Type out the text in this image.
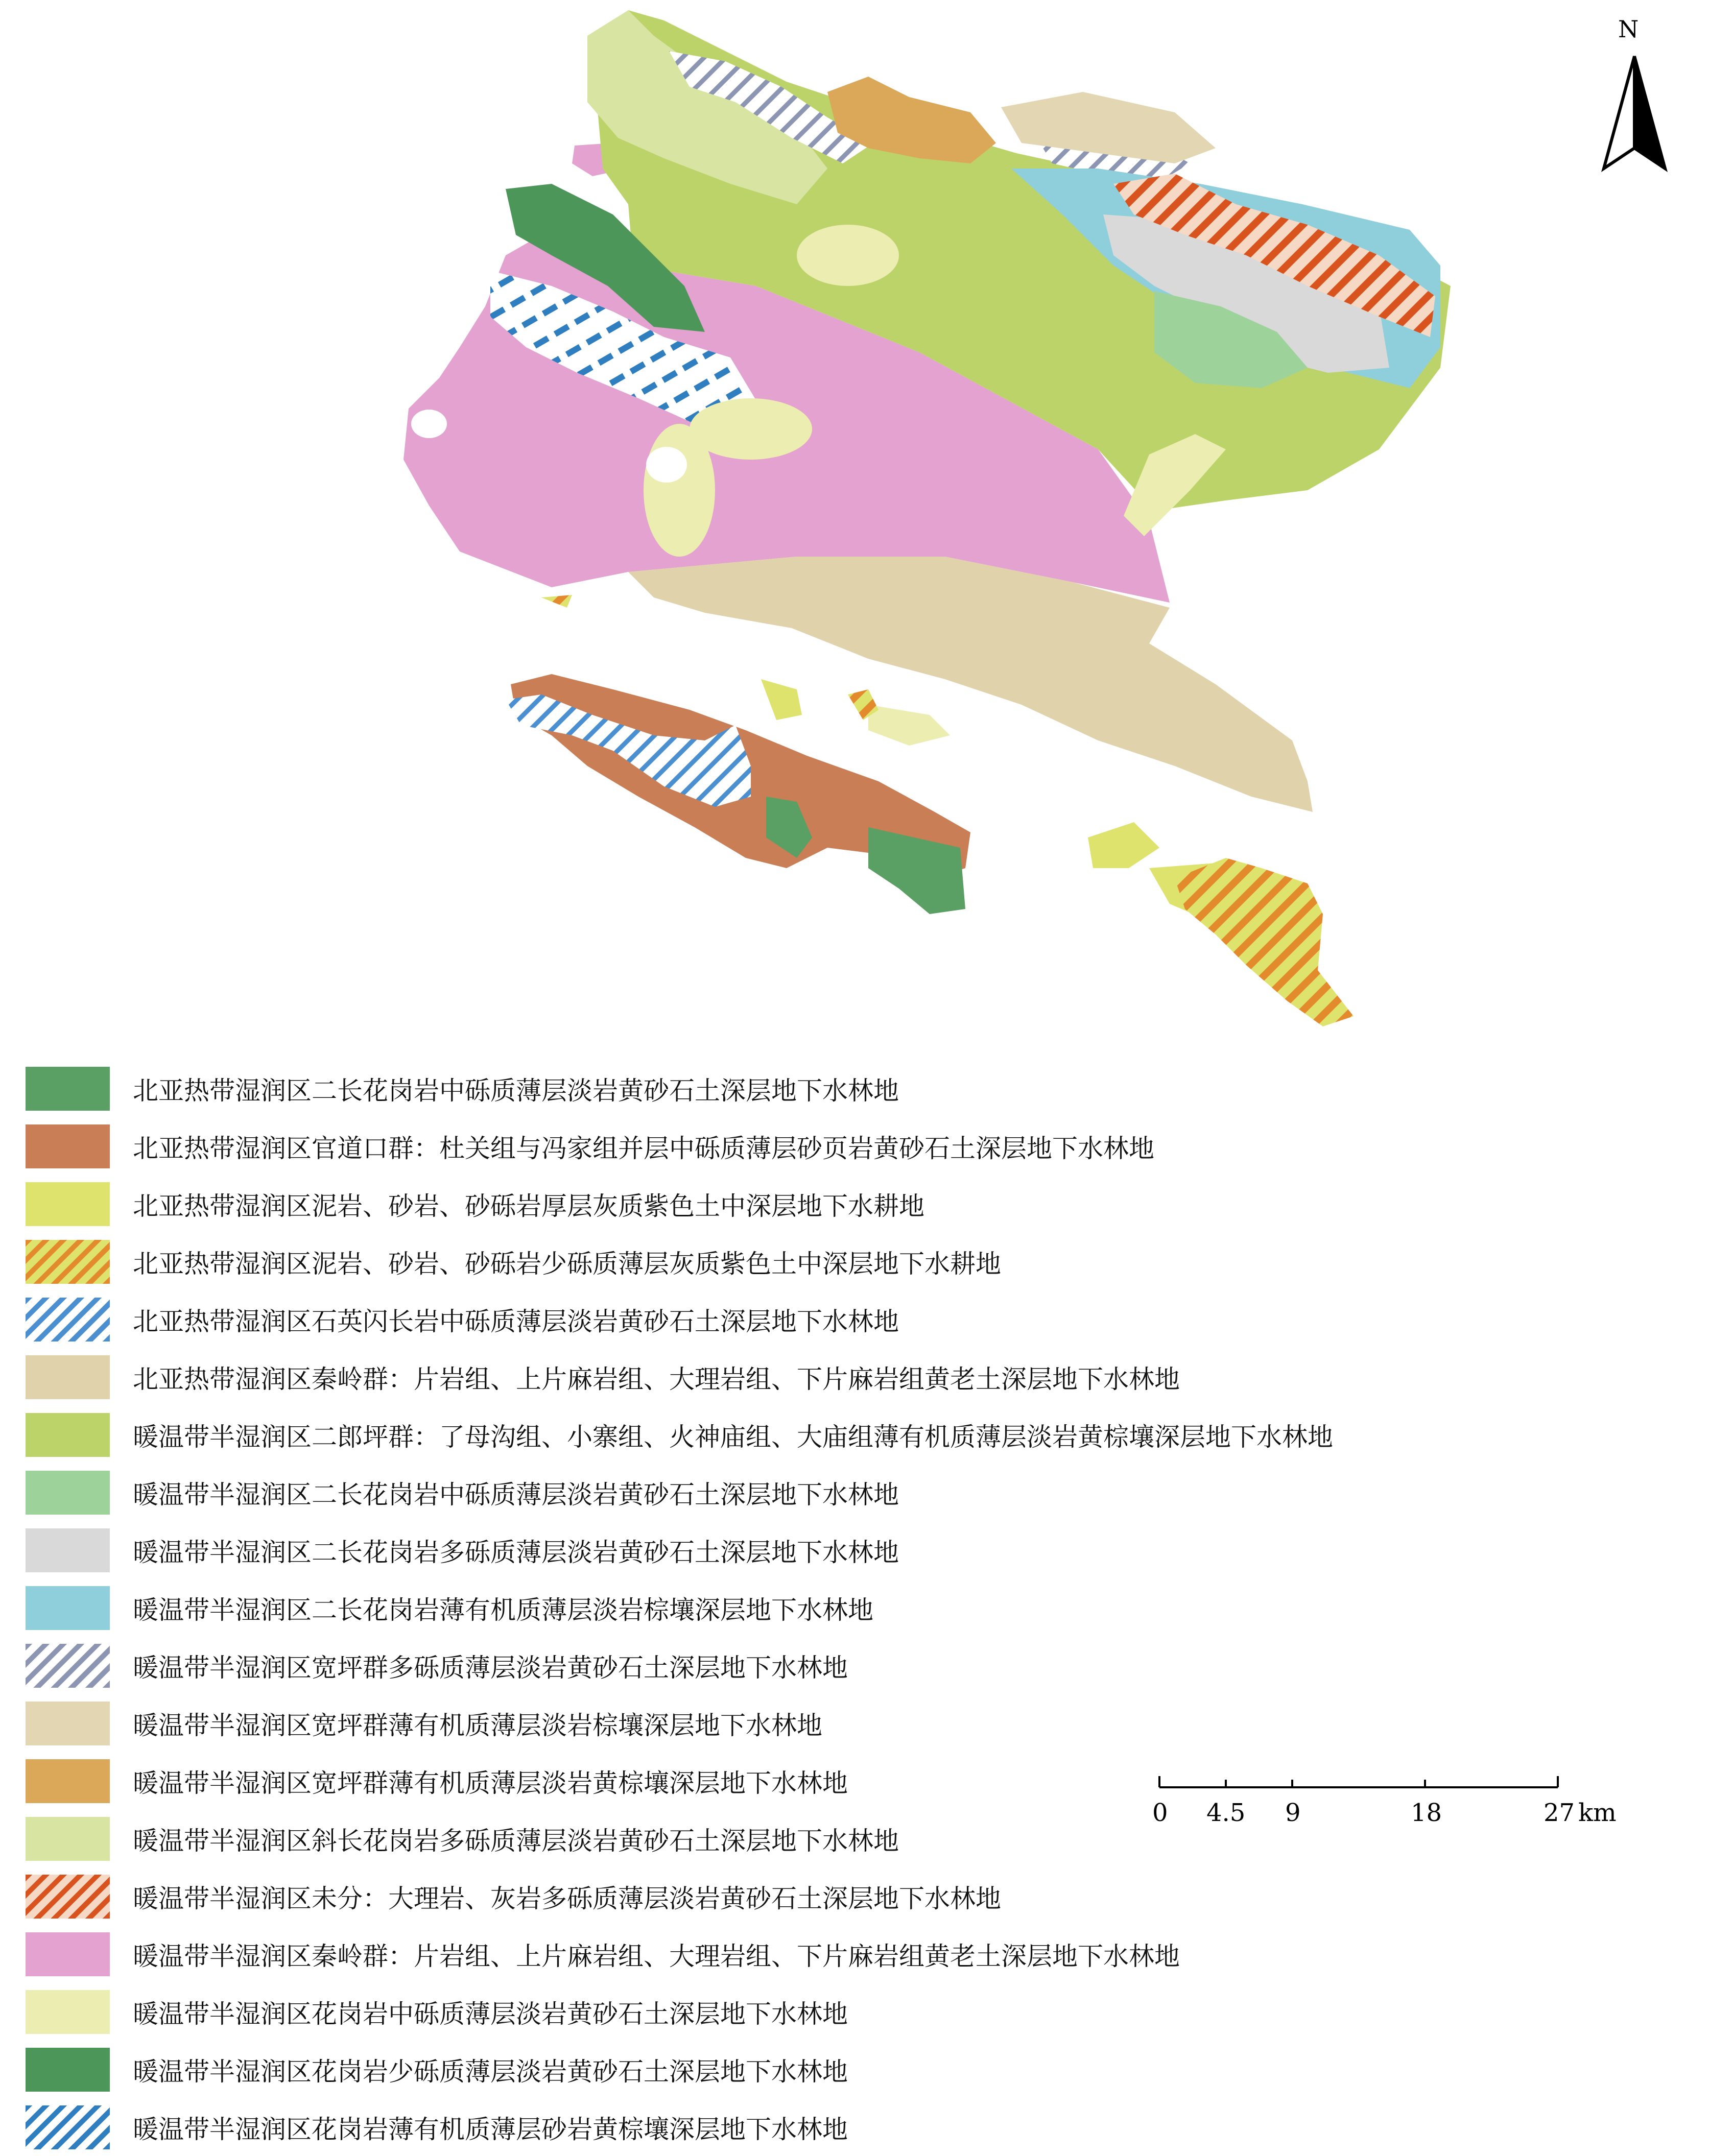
N
北亚热带湿润区二长花岗岩中砾质薄层淡岩黄砂石土深层地下水林地
北亚热带湿润区官道口群：杜关组与冯家组并层中砾质薄层砂页岩黄砂石土深层地下水林地
北亚热带湿润区泥岩、砂岩、砂砾岩厚层灰质紫色土中深层地下水耕地
北亚热带湿润区泥岩、砂岩、砂砾岩少砾质薄层灰质紫色土中深层地下水耕地
北亚热带湿润区石英闪长岩中砾质薄层淡岩黄砂石土深层地下水林地
北亚热带湿润区秦岭群：片岩组、上片麻岩组、大理岩组、下片麻岩组黄老土深层地下水林地
暖温带半湿润区二郎坪群：了母沟组、小寨组、火神庙组、大庙组薄有机质薄层淡岩黄棕壤深层地下水林地
暖温带半湿润区二长花岗岩中砾质薄层淡岩黄砂石土深层地下水林地
暖温带半湿润区二长花岗岩多砾质薄层淡岩黄砂石土深层地下水林地
暖温带半湿润区二长花岗岩薄有机质薄层淡岩棕壤深层地下水林地
暖温带半湿润区宽坪群多砾质薄层淡岩黄砂石土深层地下水林地
暖温带半湿润区宽坪群薄有机质薄层淡岩棕壤深层地下水林地
暖温带半湿润区宽坪群薄有机质薄层淡岩黄棕壤深层地下水林地
暖温带半湿润区斜长花岗岩多砾质薄层淡岩黄砂石土深层地下水林地
暖温带半湿润区未分：大理岩、灰岩多砾质薄层淡岩黄砂石土深层地下水林地
暖温带半湿润区秦岭群：片岩组、上片麻岩组、大理岩组、下片麻岩组黄老土深层地下水林地
暖温带半湿润区花岗岩中砾质薄层淡岩黄砂石土深层地下水林地
暖温带半湿润区花岗岩少砾质薄层淡岩黄砂石土深层地下水林地
暖温带半湿润区花岗岩薄有机质薄层砂岩黄棕壤深层地下水林地
0 4.5 9	18	27 km
